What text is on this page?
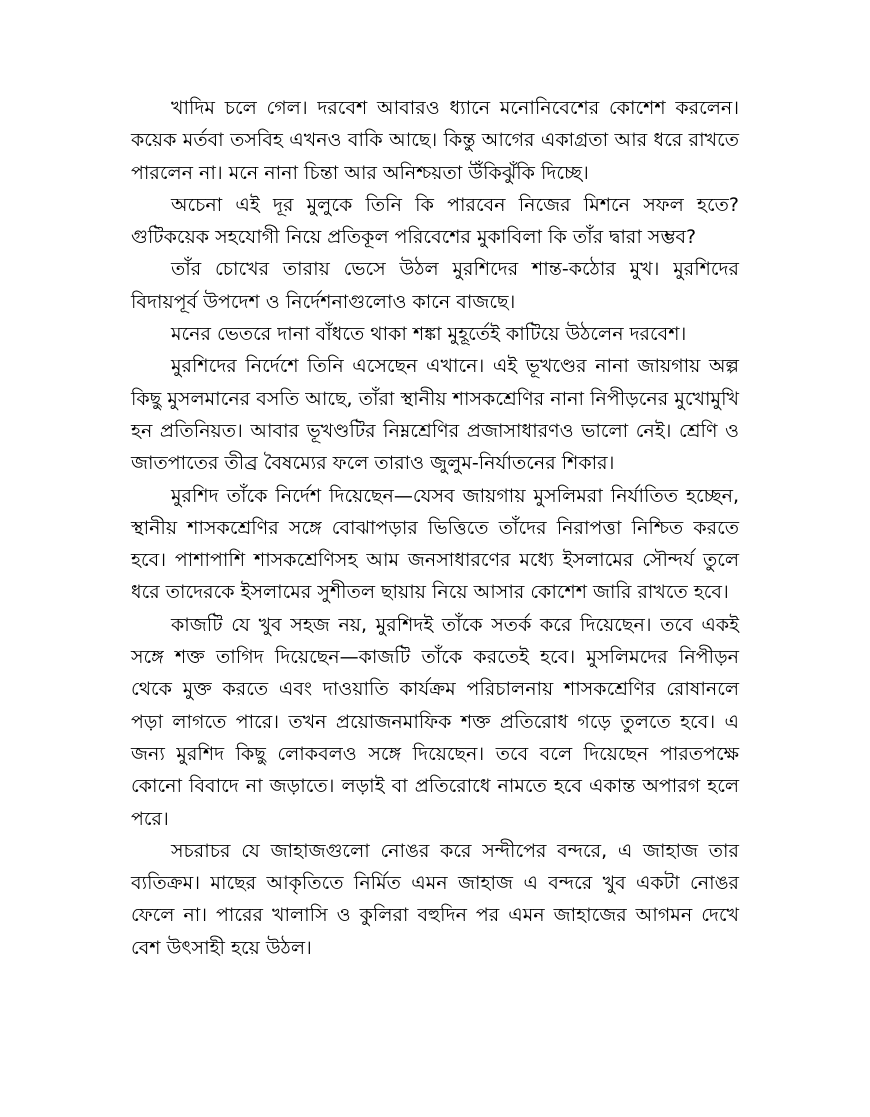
খাদিম চলে গেল। দরবেশ আবারও ধ্যানে মনোনিবেশের কোশেশ করলেন। কয়েক মর্তবা তসবিহ এখনও বাকি আছে। কিন্তু আগের একাগ্রতা আর ধরে রাখতে পারলেন না। মনে নানা চিন্তা আর অনিশ্চয়তা উঁকিঝুঁকি দিচ্ছে।

অচেনা এই দূর মুলুকে তিনি কি পারবেন নিজের মিশনে সফল হতে? গুটিকয়েক সহযোগী নিয়ে প্রতিকূল পরিবেশের মুকাবিলা কি তাঁর দ্বারা সম্ভব?

তাঁর চোখের তারায় ভেসে উঠল মুরশিদের শান্ত-কঠোর মুখ। মুরশিদের বিদায়পূর্ব উপদেশ ও নির্দেশনাগুলোও কানে বাজছে।

মনের ভেতরে দানা বাঁধতে থাকা শঙ্কা মুহূর্তেই কাটিয়ে উঠলেন দরবেশ।

মুরশিদের নির্দেশে তিনি এসেছেন এখানে। এই ভূখণ্ডের নানা জায়গায় অল্প কিছু মুসলমানের বসতি আছে, তাঁরা স্থানীয় শাসকশ্রেণির নানা নিপীড়নের মুখোমুখি হন প্রতিনিয়ত। আবার ভূখণ্ডটির নিম্নশ্রেণির প্রজাসাধারণও ভালো নেই। শ্রেণি ও জাতপাতের তীব্র বৈষম্যের ফলে তারাও জুলুম-নির্যাতনের শিকার।

মুরশিদ তাঁকে নির্দেশ দিয়েছেন—যেসব জায়গায় মুসলিমরা নির্যাতিত হচ্ছেন, স্থানীয় শাসকশ্রেণির সঙ্গে বোঝাপড়ার ভিত্তিতে তাঁদের নিরাপত্তা নিশ্চিত করতে হবে। পাশাপাশি শাসকশ্রেণিসহ আম জনসাধারণের মধ্যে ইসলামের সৌন্দর্য তুলে ধরে তাদেরকে ইসলামের সুশীতল ছায়ায় নিয়ে আসার কোশেশ জারি রাখতে হবে।

কাজটি যে খুব সহজ নয়, মুরশিদই তাঁকে সতর্ক করে দিয়েছেন। তবে একই সঙ্গে শক্ত তাগিদ দিয়েছেন—কাজটি তাঁকে করতেই হবে। মুসলিমদের নিপীড়ন থেকে মুক্ত করতে এবং দাওয়াতি কার্যক্রম পরিচালনায় শাসকশ্রেণির রোষানলে পড়া লাগতে পারে। তখন প্রয়োজনমাফিক শক্ত প্রতিরোধ গড়ে তুলতে হবে। এ জন্য মুরশিদ কিছু লোকবলও সঙ্গে দিয়েছেন। তবে বলে দিয়েছেন পারতপক্ষে কোনো বিবাদে না জড়াতে। লড়াই বা প্রতিরোধে নামতে হবে একান্ত অপারগ হলে পরে।

সচরাচর যে জাহাজগুলো নোঙর করে সন্দীপের বন্দরে, এ জাহাজ তার ব্যতিক্রম। মাছের আকৃতিতে নির্মিত এমন জাহাজ এ বন্দরে খুব একটা নোঙর ফেলে না। পারের খালাসি ও কুলিরা বহুদিন পর এমন জাহাজের আগমন দেখে বেশ উৎসাহী হয়ে উঠল।
